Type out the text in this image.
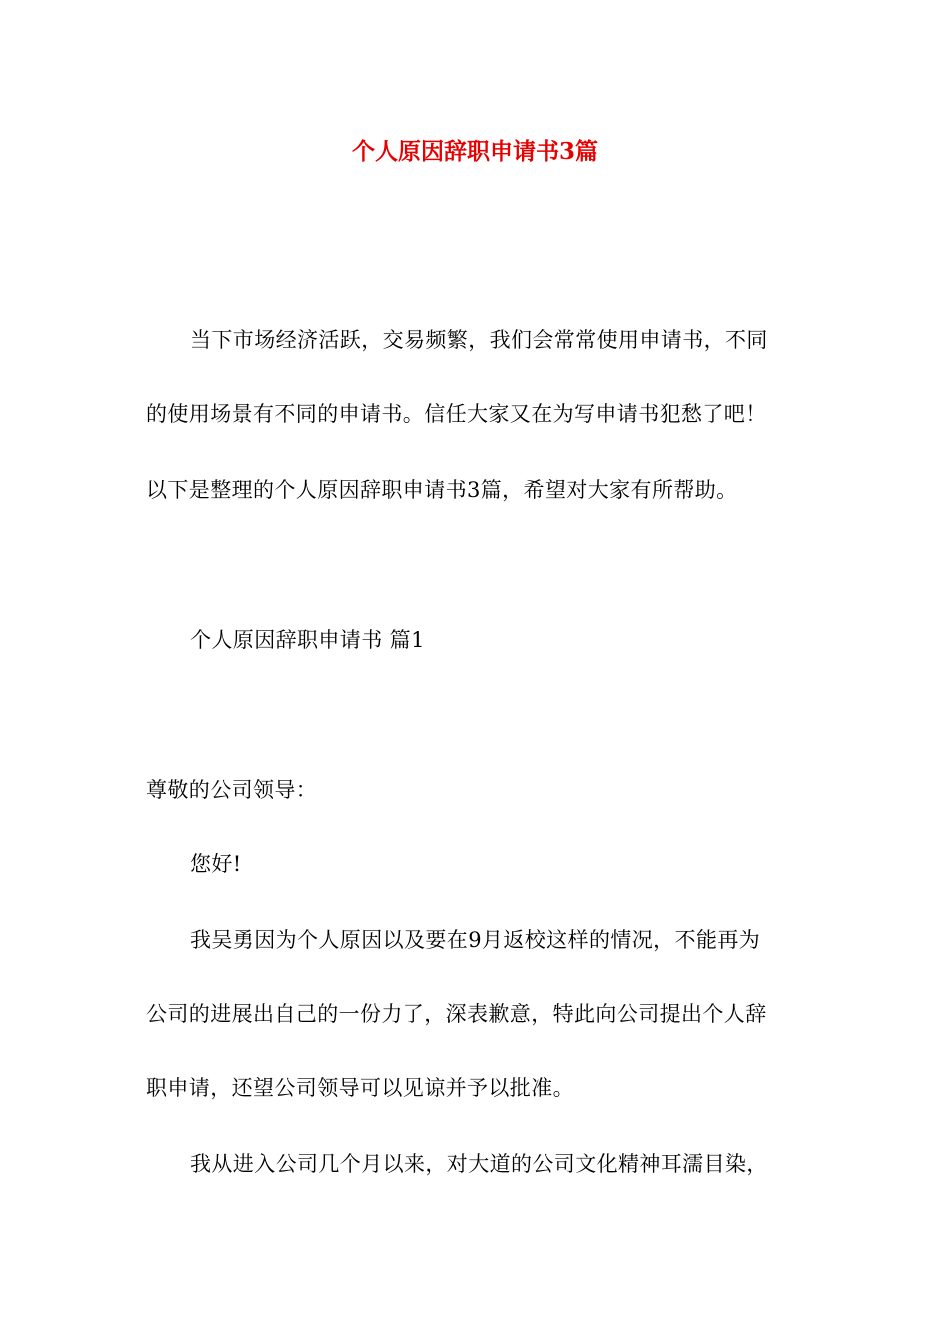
个人原因辞职申请书3篇
当下市场经济活跃，交易频繁，我们会常常使用申请书，不同
的使用场景有不同的申请书。信任大家又在为写申请书犯愁了吧！
以下是整理的个人原因辞职申请书3篇，希望对大家有所帮助。
个人原因辞职申请书 篇1
尊敬的公司领导：
您好!
我吴勇因为个人原因以及要在9月返校这样的情况，不能再为
公司的进展出自己的一份力了，深表歉意，特此向公司提出个人辞
职申请，还望公司领导可以见谅并予以批准。
我从进入公司几个月以来，对大道的公司文化精神耳濡目染，
